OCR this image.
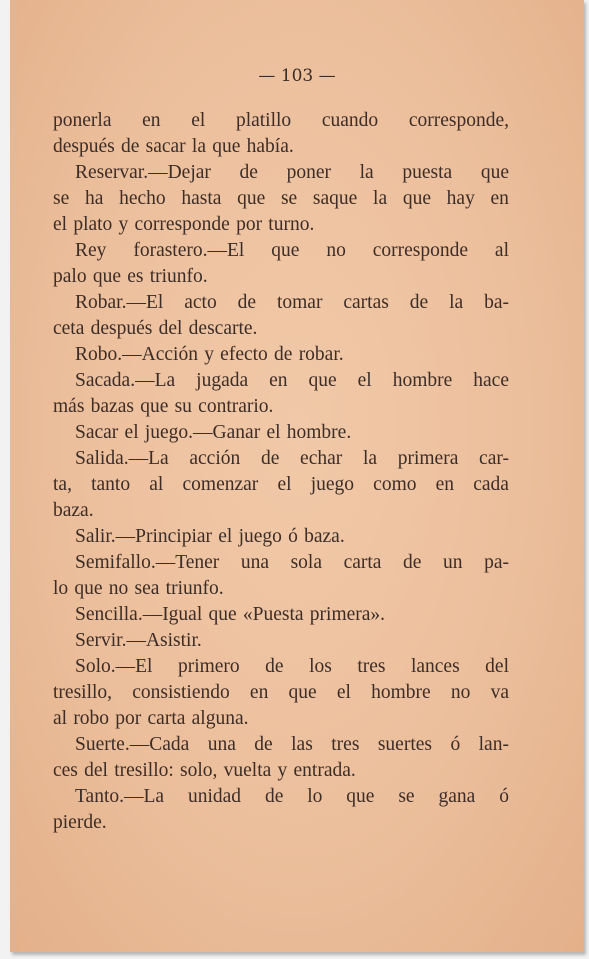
— 103 —
ponerla en el platillo cuando corresponde,
después de sacar la que había.
Reservar.—Dejar de poner la puesta que
se ha hecho hasta que se saque la que hay en
el plato y corresponde por turno.
Rey forastero.—El que no corresponde al
palo que es triunfo.
Robar.—El acto de tomar cartas de la ba-
ceta después del descarte.
Robo.—Acción y efecto de robar.
Sacada.—La jugada en que el hombre hace
más bazas que su contrario.
Sacar el juego.—Ganar el hombre.
Salida.—La acción de echar la primera car-
ta, tanto al comenzar el juego como en cada
baza.
Salir.—Principiar el juego ó baza.
Semifallo.—Tener una sola carta de un pa-
lo que no sea triunfo.
Sencilla.—Igual que «Puesta primera».
Servir.—Asistir.
Solo.—El primero de los tres lances del
tresillo, consistiendo en que el hombre no va
al robo por carta alguna.
Suerte.—Cada una de las tres suertes ó lan-
ces del tresillo: solo, vuelta y entrada.
Tanto.—La unidad de lo que se gana ó
pierde.
